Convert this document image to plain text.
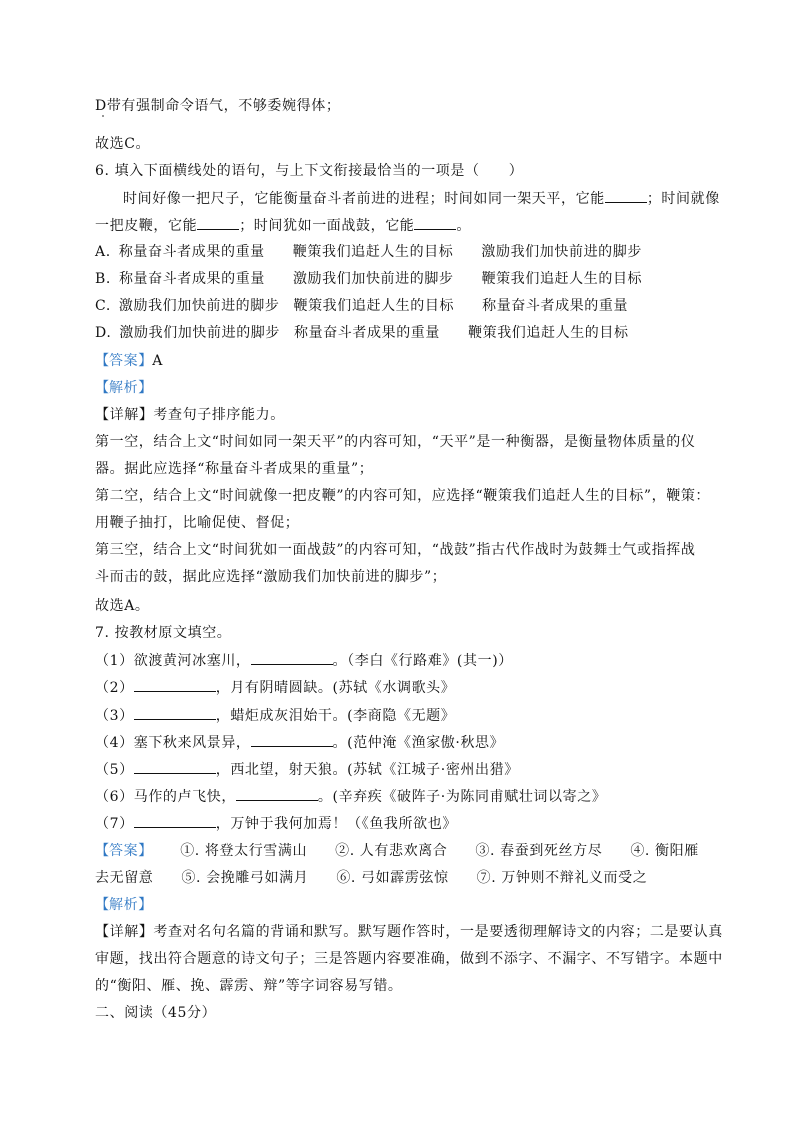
D带有强制命令语气，不够委婉得体；
故选C。
6. 填入下面横线处的语句，与上下文衔接最恰当的一项是（　　）
时间好像一把尺子，它能衡量奋斗者前进的进程；时间如同一架天平，它能	；时间就像
一把皮鞭，它能	；时间犹如一面战鼓，它能	。
A. 称量奋斗者成果的重量 鞭策我们追赶人生的目标 激励我们加快前进的脚步
B. 称量奋斗者成果的重量 激励我们加快前进的脚步 鞭策我们追赶人生的目标
C. 激励我们加快前进的脚步 鞭策我们追赶人生的目标 称量奋斗者成果的重量
D. 激励我们加快前进的脚步 称量奋斗者成果的重量 鞭策我们追赶人生的目标
【答案】A
【解析】
【详解】考查句子排序能力。
第一空，结合上文“时间如同一架天平”的内容可知，“天平”是一种衡器，是衡量物体质量的仪
器。据此应选择“称量奋斗者成果的重量”；
第二空，结合上文“时间就像一把皮鞭”的内容可知，应选择“鞭策我们追赶人生的目标”，鞭策：
用鞭子抽打，比喻促使、督促；
第三空，结合上文“时间犹如一面战鼓”的内容可知，“战鼓”指古代作战时为鼓舞士气或指挥战
斗而击的鼓，据此应选择“激励我们加快前进的脚步”；
故选A。
7. 按教材原文填空。
（1）欲渡黄河冰塞川，	。（李白《行路难》(其一)）
（2）	，月有阴晴圆缺。(苏轼《水调歌头》
（3）	，蜡炬成灰泪始干。(李商隐《无题》
（4）塞下秋来风景异，	。(范仲淹《渔家傲·秋思》
（5）	，西北望，射天狼。(苏轼《江城子·密州出猎》
（6）马作的卢飞快，	。(辛弃疾《破阵子·为陈同甫赋壮词以寄之》
（7）	，万钟于我何加焉！（《鱼我所欲也》
【答案】 ①. 将登太行雪满山 ②. 人有悲欢离合 ③. 春蚕到死丝方尽 ④. 衡阳雁
去无留意 ⑤. 会挽雕弓如满月 ⑥. 弓如霹雳弦惊 ⑦. 万钟则不辩礼义而受之
【解析】
【详解】考查对名句名篇的背诵和默写。默写题作答时，一是要透彻理解诗文的内容；二是要认真
审题，找出符合题意的诗文句子；三是答题内容要准确，做到不添字、不漏字、不写错字。本题中
的“衡阳、雁、挽、霹雳、辩”等字词容易写错。
二、阅读（45分）
